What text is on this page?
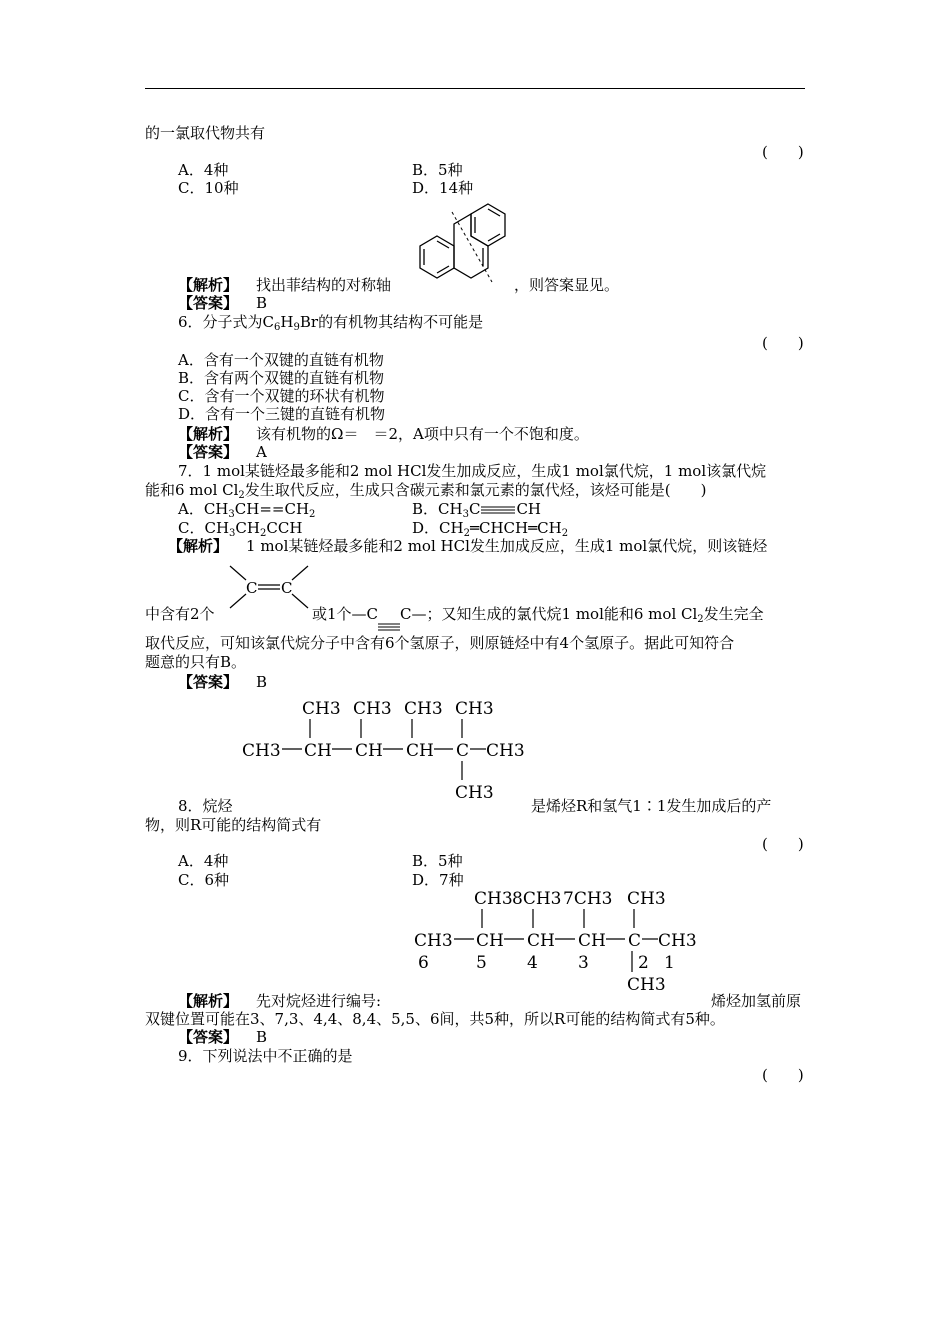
的一氯取代物共有
(　　)
A．4种	B．5种
C．10种	D．14种
【解析】 找出菲结构的对称轴	，则答案显见。
【答案】 B
6．分子式为$C_6H_9Br$的有机物其结构不可能是
(　　)
A．含有一个双键的直链有机物
B．含有两个双键的直链有机物
C．含有一个双键的环状有机物
D．含有一个三键的直链有机物
【解析】 该有机物的Ω＝　＝2，A项中只有一个不饱和度。
【答案】 A
7．1 mol某链烃最多能和2 mol HCl发生加成反应，生成1 mol氯代烷，1 mol该氯代烷
能和6 mol $Cl_2$发生取代反应，生成只含碳元素和氯元素的氯代烃，该烃可能是(　　)
A．$CH_3CH==CH_2$	B．$CH_3C$ CH
C．$CH_3CH_2CCH$	D．$CH_2═CHCH═CH_2$
【解析】 1 mol某链烃最多能和2 mol HCl发生加成反应，生成1 mol氯代烷，则该链烃
C C
中含有2个	或1个—C C—；又知生成的氯代烷1 mol能和6 mol $Cl_2$发生完全
取代反应，可知该氯代烷分子中含有6个氢原子，则原链烃中有4个氢原子。据此可知符合
题意的只有B。
【答案】 B
CH3 CH3 CH3 CH3
CH3 CH CH CH C CH3
CH3
8．烷烃	是烯烃R和氢气1∶1发生加成后的产
物，则R可能的结构简式有
(　　)
A．4种	B．5种
C．6种	D．7种
CH3 8CH3 7CH3 CH3
CH3 CH CH CH C CH3
6	5 4 3	2 1
CH3
【解析】 先对烷烃进行编号:	烯烃加氢前原
双键位置可能在3、7,3、4,4、8,4、5,5、6间，共5种，所以R可能的结构简式有5种。
【答案】 B
9．下列说法中不正确的是
(　　)
